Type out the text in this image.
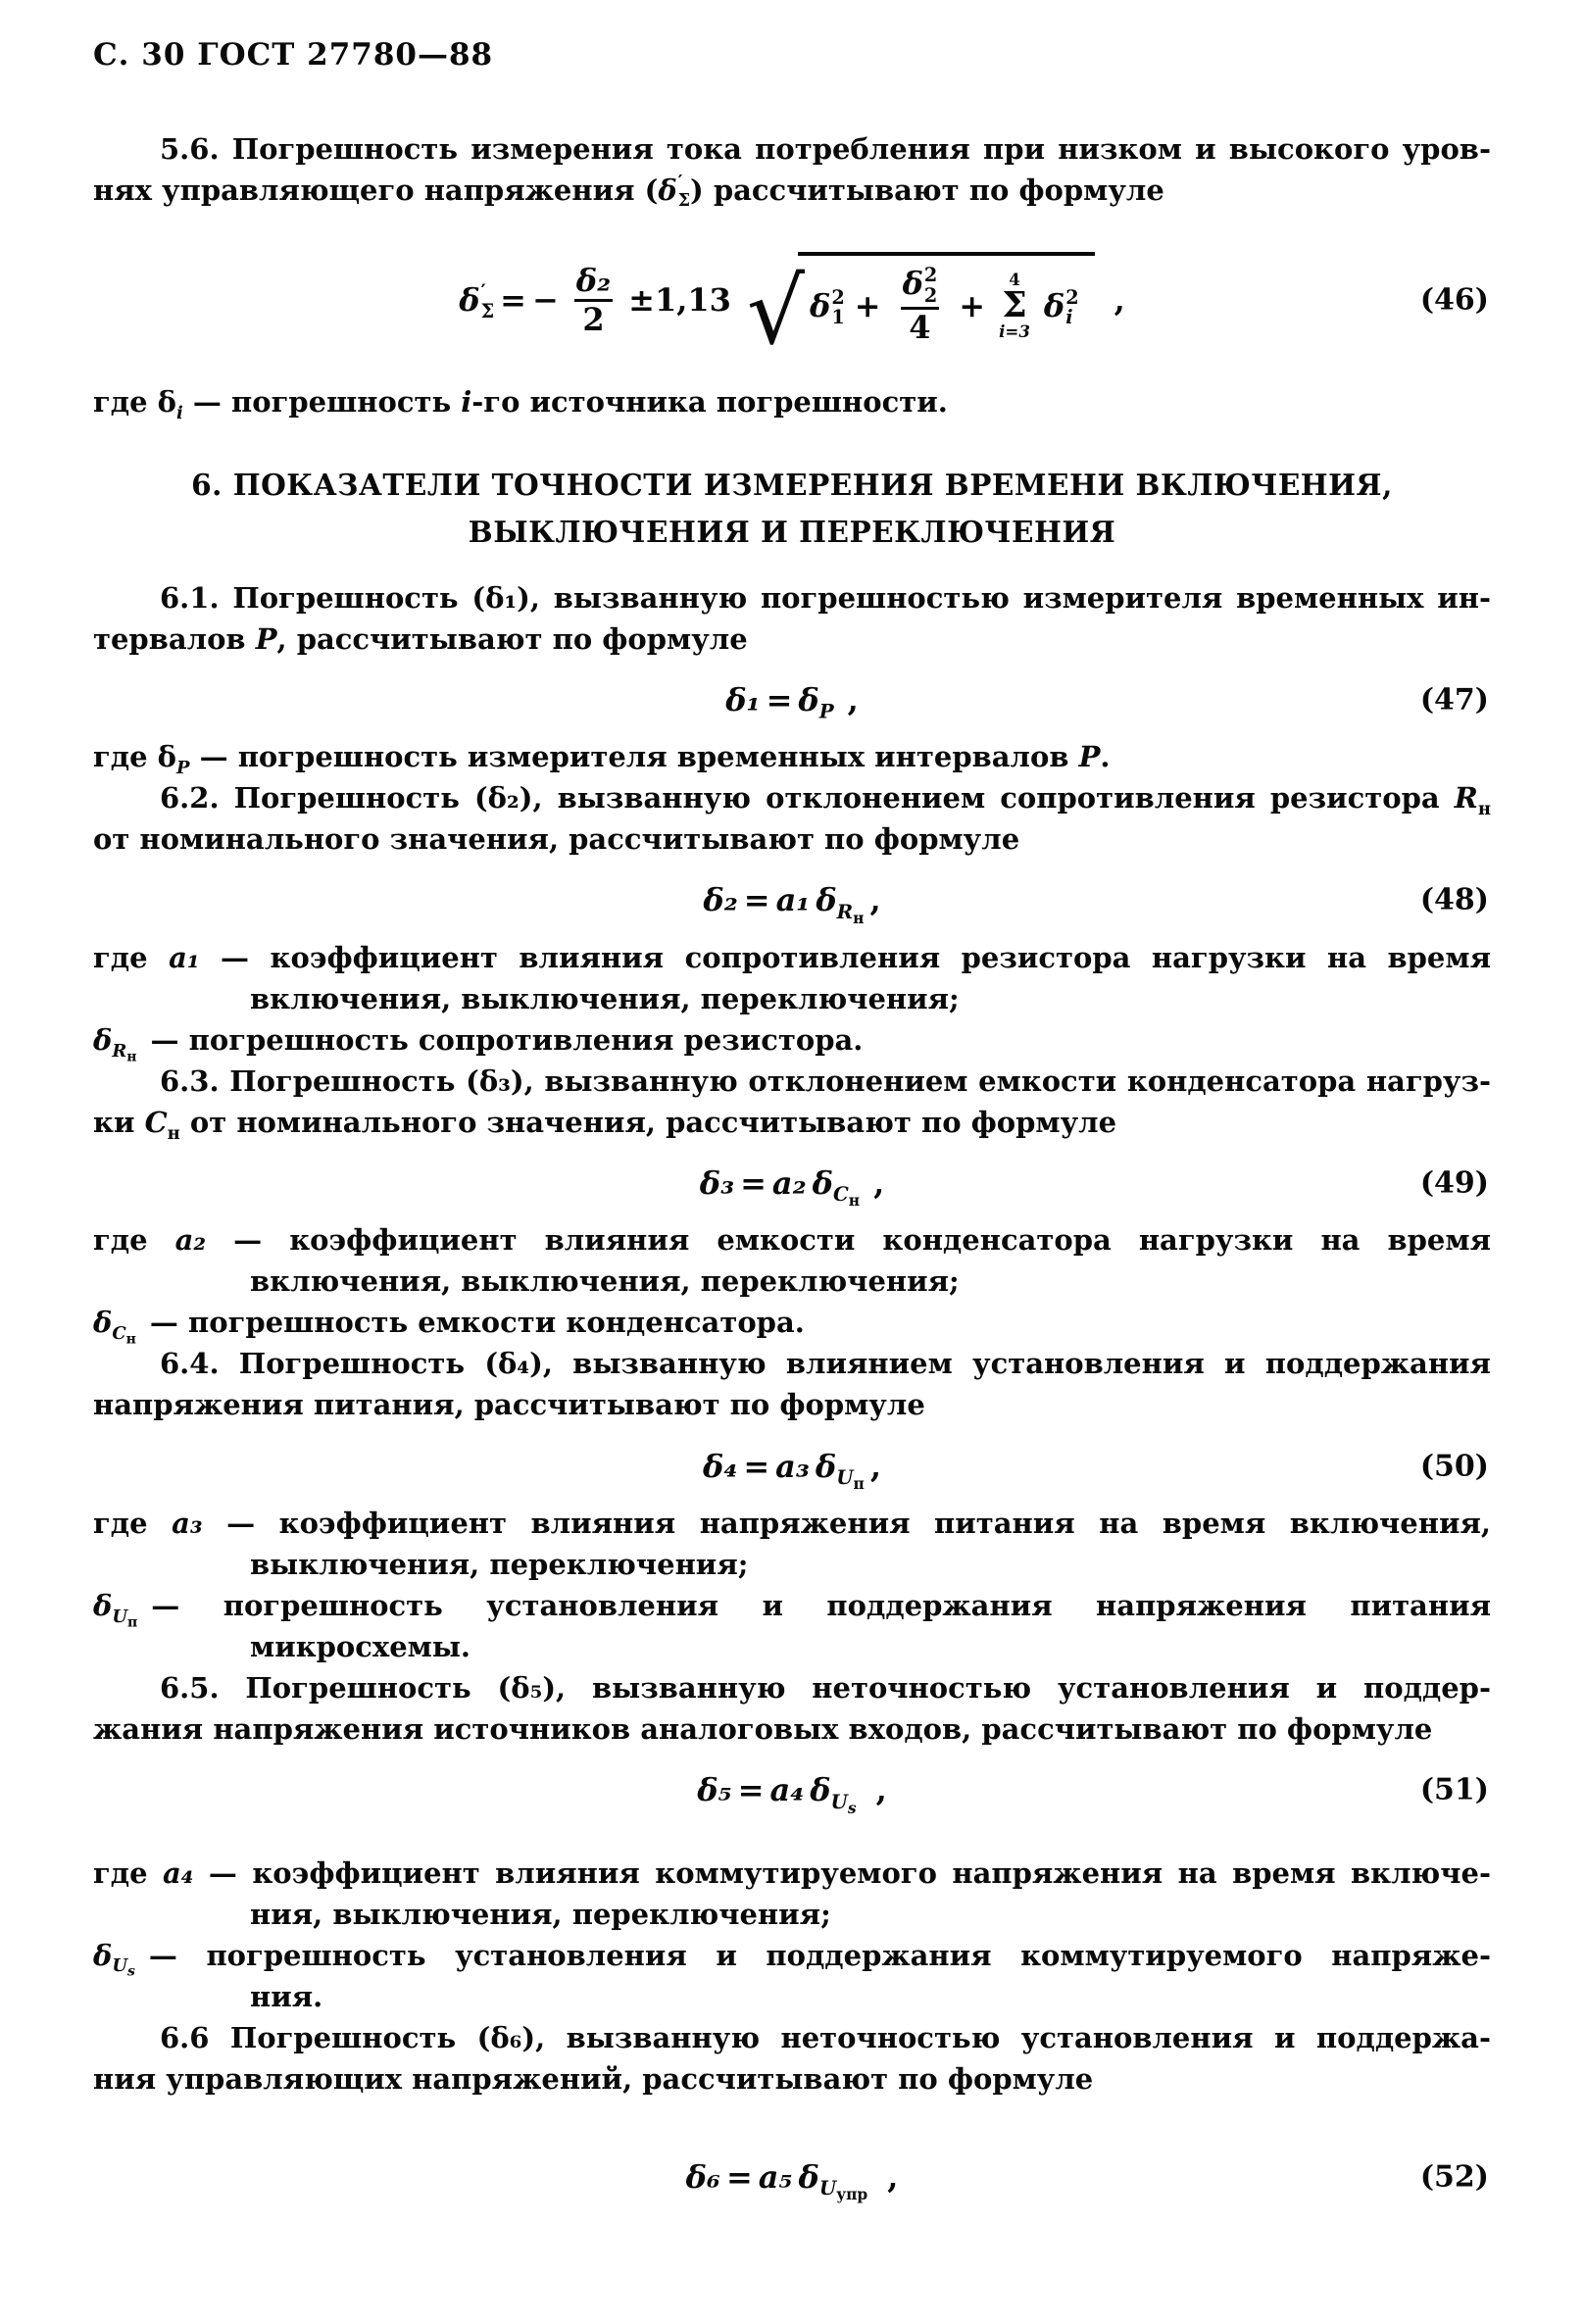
С. 30 ГОСТ 27780—88

5.6. Погрешность измерения тока потребления при низком и высокого уров-
нях управляющего напряжения (δ ′
Σ ) рассчитывают по формуле

δ ′
Σ = − $\frac{\text{δ₂}}{2} \pm 1,13$ √ δ 2
1 + δ 2
2
4 +
4
Σ
i=3
δ 2
i ,	(46)

где $\delta_i$ — погрешность i-го источника погрешности.

6. ПОКАЗАТЕЛИ ТОЧНОСТИ ИЗМЕРЕНИЯ ВРЕМЕНИ ВКЛЮЧЕНИЯ,
ВЫКЛЮЧЕНИЯ И ПЕРЕКЛЮЧЕНИЯ

6.1. Погрешность (δ₁), вызванную погрешностью измерителя временных ин-
тервалов P, рассчитывают по формуле

$\delta_1 = \delta_P$ ,	(47)

где $\delta_P$ — погрешность измерителя временных интервалов P.

6.2. Погрешность (δ₂), вызванную отклонением сопротивления резистора $R_н$
от номинального значения, рассчитывают по формуле

δ₂ = a₁ $\delta_{R_н}$ ,	(48)
где a₁ — коэффициент влияния сопротивления резистора нагрузки на время
включения, выключения, переключения;
$\delta_{R_н}—$ погрешность сопротивления резистора.

6.3. Погрешность (δ₃), вызванную отклонением емкости конденсатора нагруз-
ки $C_н$ от номинального значения, рассчитывают по формуле

δ₃ = a₂ $\delta_{C_н}$ ,	(49)
где a₂ — коэффициент влияния емкости конденсатора нагрузки на время
включения, выключения, переключения;
$\delta_{C_н}—$ погрешность емкости конденсатора.

6.4. Погрешность (δ₄), вызванную влиянием установления и поддержания
напряжения питания, рассчитывают по формуле

δ₄ = a₃ $\delta_{U_п}$ ,	(50)
где a₃ — коэффициент влияния напряжения питания на время включения,
выключения, переключения;
$\delta_{U_п}—$ погрешность установления и поддержания напряжения питания
микросхемы.

6.5. Погрешность (δ₅), вызванную неточностью установления и поддер-
жания напряжения источников аналоговых входов, рассчитывают по формуле

δ₅ = a₄ $\delta_{U_s}$ ,	(51)
где a₄ — коэффициент влияния коммутируемого напряжения на время включе-
ния, выключения, переключения;
$\delta_{U_s}—$ погрешность установления и поддержания коммутируемого напряже-
ния.

6.6 Погрешность (δ₆), вызванную неточностью установления и поддержа-
ния управляющих напряжений, рассчитывают по формуле

δ₆ = a₅ $\delta_{U_{упр}}$ ,	(52)
